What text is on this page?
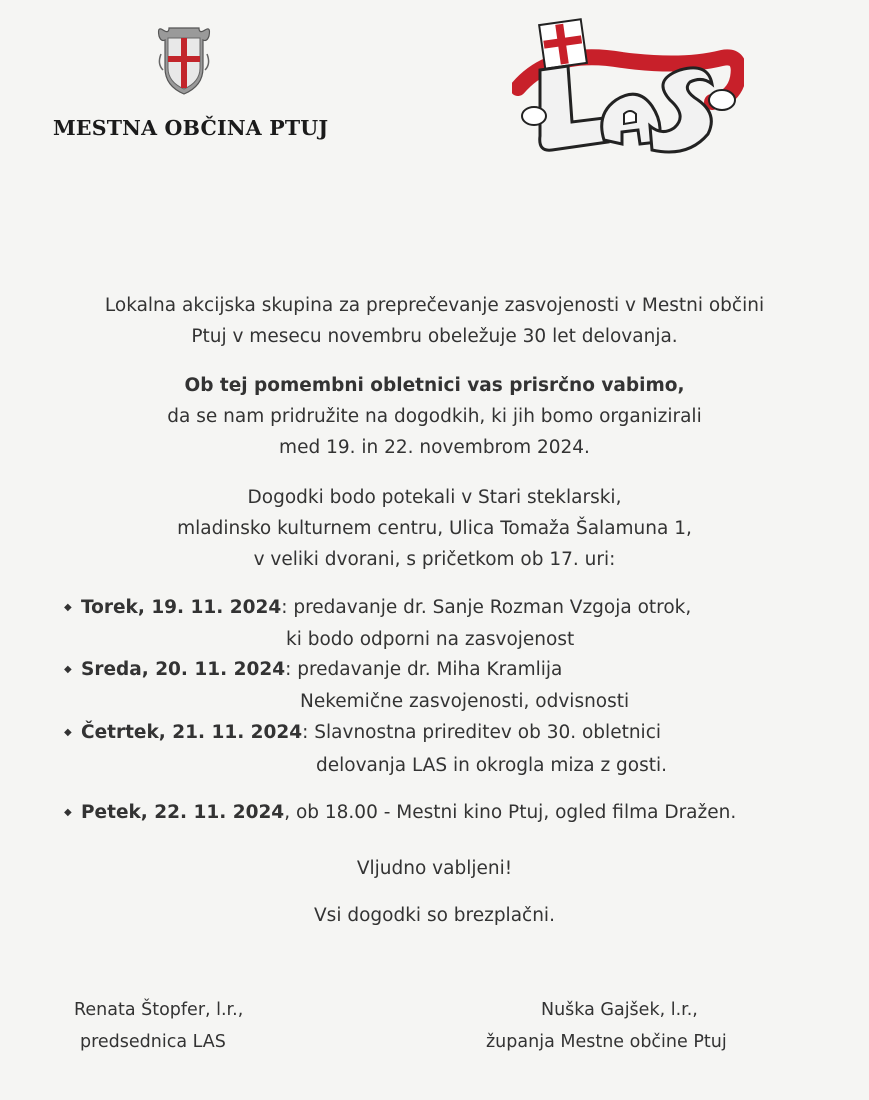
MESTNA OBČINA PTUJ
Lokalna akcijska skupina za preprečevanje zasvojenosti v Mestni občini
Ptuj v mesecu novembru obeležuje 30 let delovanja.
Ob tej pomembni obletnici vas prisrčno vabimo,
da se nam pridružite na dogodkih, ki jih bomo organizirali
med 19. in 22. novembrom 2024.
Dogodki bodo potekali v Stari steklarski,
mladinsko kulturnem centru, Ulica Tomaža Šalamuna 1,
v veliki dvorani, s pričetkom ob 17. uri:
◆ Torek, 19. 11. 2024: predavanje dr. Sanje Rozman Vzgoja otrok,
ki bodo odporni na zasvojenost
◆ Sreda, 20. 11. 2024: predavanje dr. Miha Kramlija
Nekemične zasvojenosti, odvisnosti
◆ Četrtek, 21. 11. 2024: Slavnostna prireditev ob 30. obletnici
delovanja LAS in okrogla miza z gosti.
◆ Petek, 22. 11. 2024, ob 18.00 - Mestni kino Ptuj, ogled filma Dražen.
Vljudno vabljeni!
Vsi dogodki so brezplačni.
Renata Štopfer, l.r.,
predsednica LAS
Nuška Gajšek, l.r.,
županja Mestne občine Ptuj
